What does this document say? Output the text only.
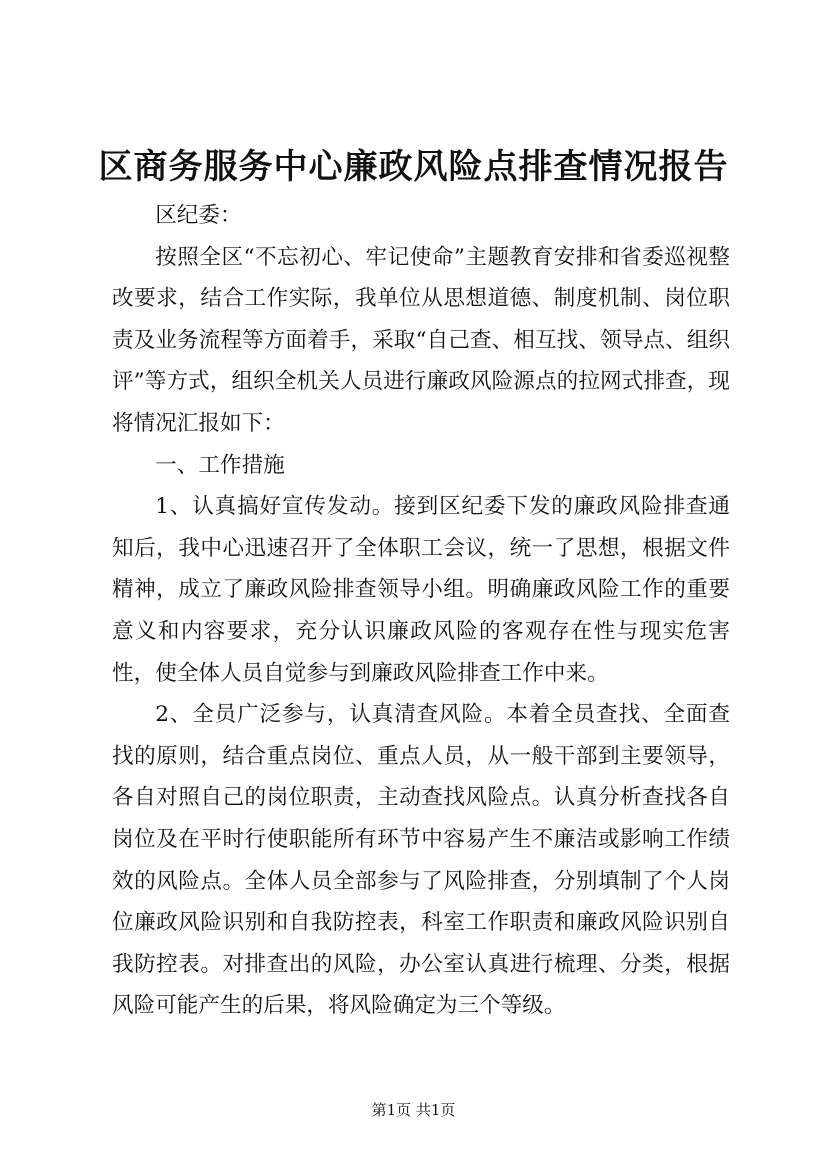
区商务服务中心廉政风险点排查情况报告

区纪委：

按照全区“不忘初心、牢记使命”主题教育安排和省委巡视整改要求，结合工作实际，我单位从思想道德、制度机制、岗位职责及业务流程等方面着手，采取“自己查、相互找、领导点、组织评”等方式，组织全机关人员进行廉政风险源点的拉网式排查，现将情况汇报如下：

一、工作措施

1、认真搞好宣传发动。接到区纪委下发的廉政风险排查通知后，我中心迅速召开了全体职工会议，统一了思想，根据文件精神，成立了廉政风险排查领导小组。明确廉政风险工作的重要意义和内容要求，充分认识廉政风险的客观存在性与现实危害性，使全体人员自觉参与到廉政风险排查工作中来。

2、全员广泛参与，认真清查风险。本着全员查找、全面查找的原则，结合重点岗位、重点人员，从一般干部到主要领导，各自对照自己的岗位职责，主动查找风险点。认真分析查找各自岗位及在平时行使职能所有环节中容易产生不廉洁或影响工作绩效的风险点。全体人员全部参与了风险排查，分别填制了个人岗位廉政风险识别和自我防控表，科室工作职责和廉政风险识别自我防控表。对排查出的风险，办公室认真进行梳理、分类，根据风险可能产生的后果，将风险确定为三个等级。

第1页 共1页
